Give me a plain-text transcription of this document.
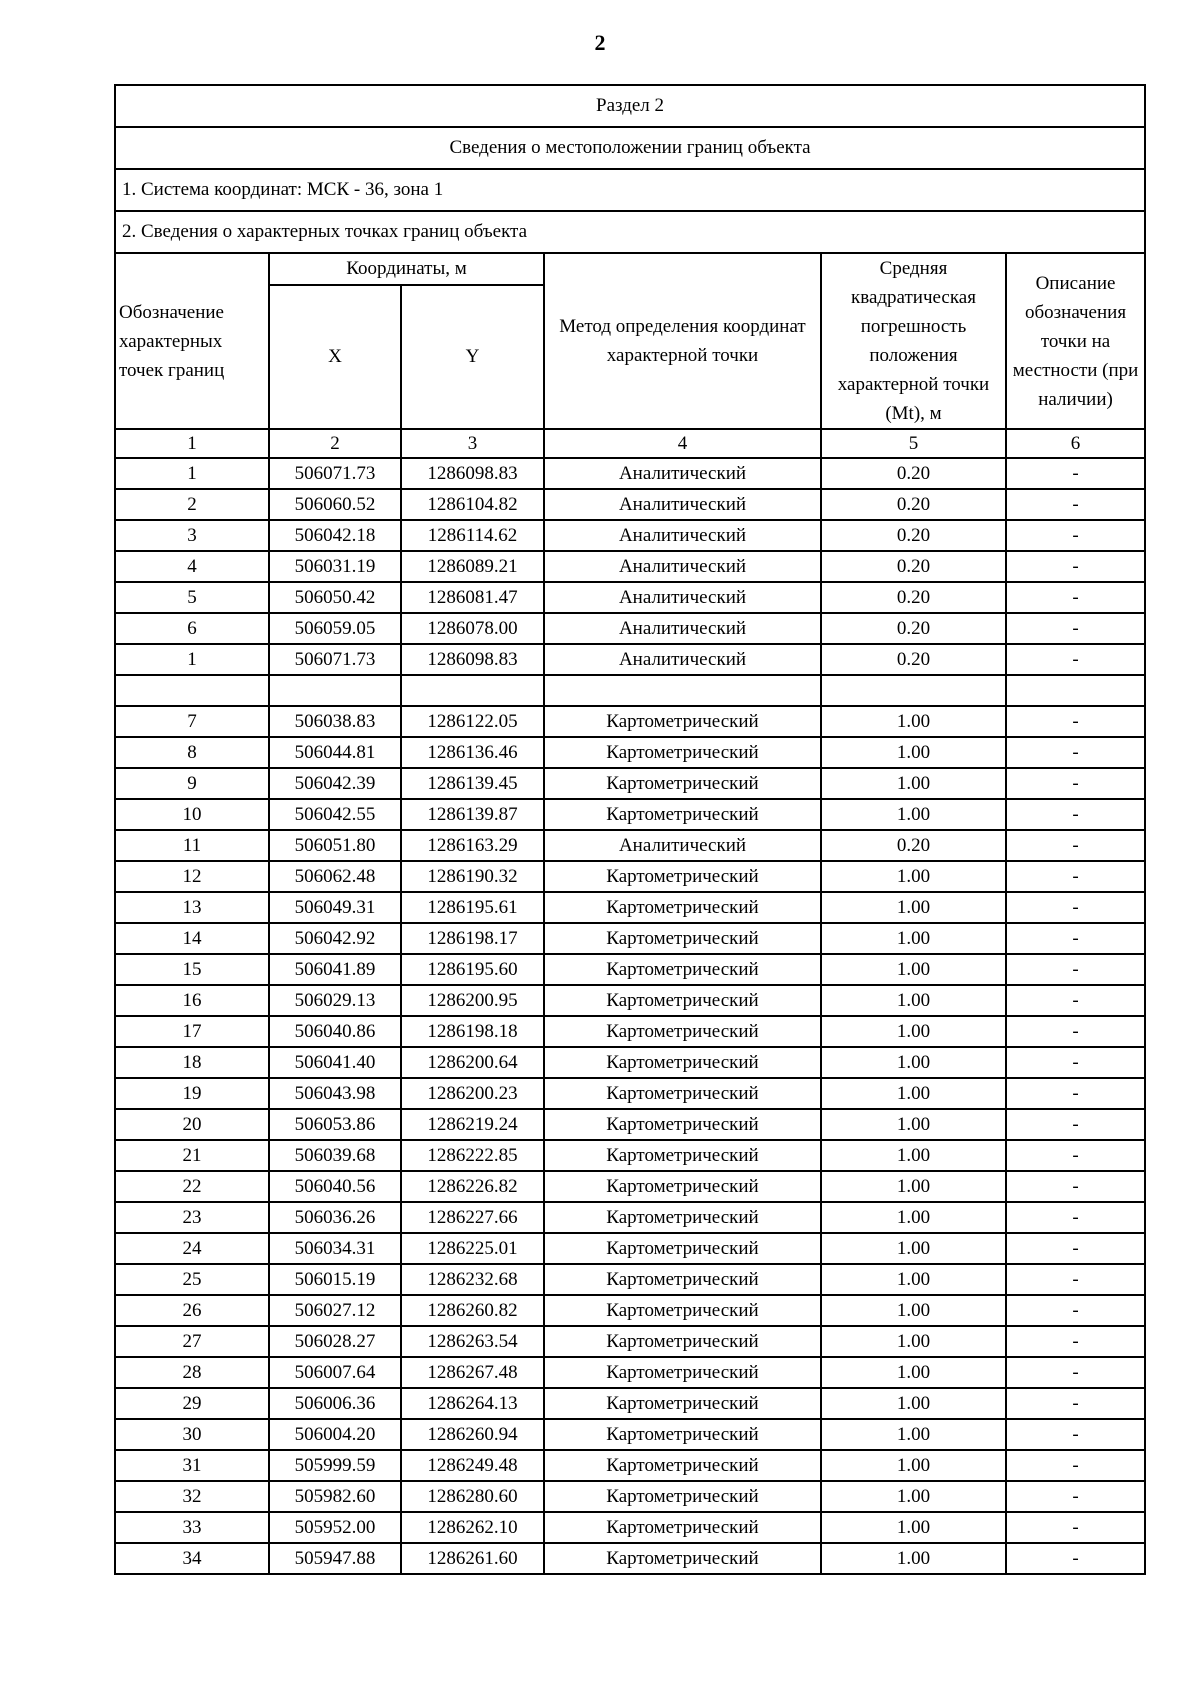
2
Раздел 2					
Сведения о местоположении границ объекта					
1. Система координат: МСК - 36, зона 1					
2. Сведения о характерных точках границ объекта					
Обозначение характерных точек границ	Координаты, м		Метод определения координат характерной точки	Средняя квадратическая погрешность положения характерной точки (Mt), м	Описание обозначения точки на местности (при наличии)
	X	Y			
1	2	3	4	5	6
1	506071.73	1286098.83	Аналитический	0.20	-
2	506060.52	1286104.82	Аналитический	0.20	-
3	506042.18	1286114.62	Аналитический	0.20	-
4	506031.19	1286089.21	Аналитический	0.20	-
5	506050.42	1286081.47	Аналитический	0.20	-
6	506059.05	1286078.00	Аналитический	0.20	-
1	506071.73	1286098.83	Аналитический	0.20	-

7	506038.83	1286122.05	Картометрический	1.00	-
8	506044.81	1286136.46	Картометрический	1.00	-
9	506042.39	1286139.45	Картометрический	1.00	-
10	506042.55	1286139.87	Картометрический	1.00	-
11	506051.80	1286163.29	Аналитический	0.20	-
12	506062.48	1286190.32	Картометрический	1.00	-
13	506049.31	1286195.61	Картометрический	1.00	-
14	506042.92	1286198.17	Картометрический	1.00	-
15	506041.89	1286195.60	Картометрический	1.00	-
16	506029.13	1286200.95	Картометрический	1.00	-
17	506040.86	1286198.18	Картометрический	1.00	-
18	506041.40	1286200.64	Картометрический	1.00	-
19	506043.98	1286200.23	Картометрический	1.00	-
20	506053.86	1286219.24	Картометрический	1.00	-
21	506039.68	1286222.85	Картометрический	1.00	-
22	506040.56	1286226.82	Картометрический	1.00	-
23	506036.26	1286227.66	Картометрический	1.00	-
24	506034.31	1286225.01	Картометрический	1.00	-
25	506015.19	1286232.68	Картометрический	1.00	-
26	506027.12	1286260.82	Картометрический	1.00	-
27	506028.27	1286263.54	Картометрический	1.00	-
28	506007.64	1286267.48	Картометрический	1.00	-
29	506006.36	1286264.13	Картометрический	1.00	-
30	506004.20	1286260.94	Картометрический	1.00	-
31	505999.59	1286249.48	Картометрический	1.00	-
32	505982.60	1286280.60	Картометрический	1.00	-
33	505952.00	1286262.10	Картометрический	1.00	-
34	505947.88	1286261.60	Картометрический	1.00	-
